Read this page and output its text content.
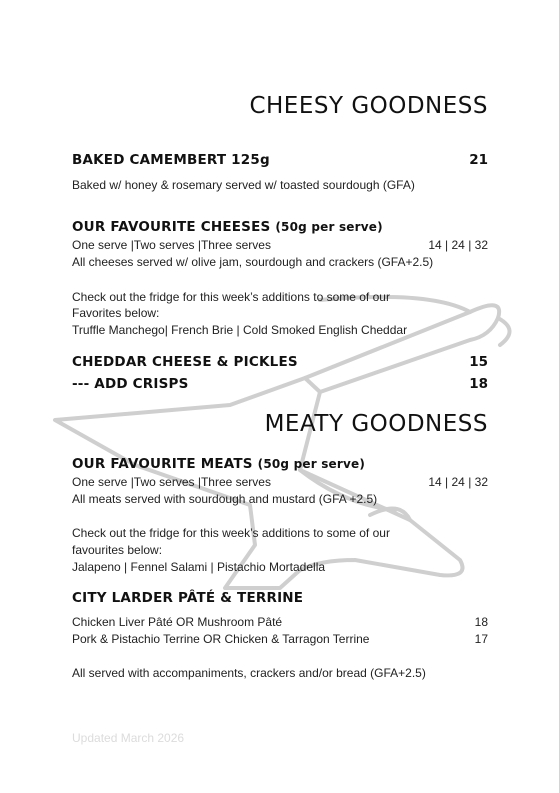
CHEESY GOODNESS
BAKED CAMEMBERT 125g	21
Baked w/ honey & rosemary served w/ toasted sourdough (GFA)
OUR FAVOURITE CHEESES (50g per serve)
One serve |Two serves |Three serves	14 | 24 | 32
All cheeses served w/ olive jam, sourdough and crackers (GFA+2.5)
Check out the fridge for this week’s additions to some of our
Favorites below:
Truffle Manchego| French Brie | Cold Smoked English Cheddar
CHEDDAR CHEESE & PICKLES	15
--- ADD CRISPS	18
MEATY GOODNESS
OUR FAVOURITE MEATS (50g per serve)
One serve |Two serves |Three serves	14 | 24 | 32
All meats served with sourdough and mustard (GFA +2.5)
Check out the fridge for this week’s additions to some of our
favourites below:
Jalapeno | Fennel Salami | Pistachio Mortadella
CITY LARDER PÂTÉ & TERRINE
Chicken Liver Pâté OR Mushroom Pâté	18
Pork & Pistachio Terrine OR Chicken & Tarragon Terrine	17
All served with accompaniments, crackers and/or bread (GFA+2.5)
Updated March 2026
